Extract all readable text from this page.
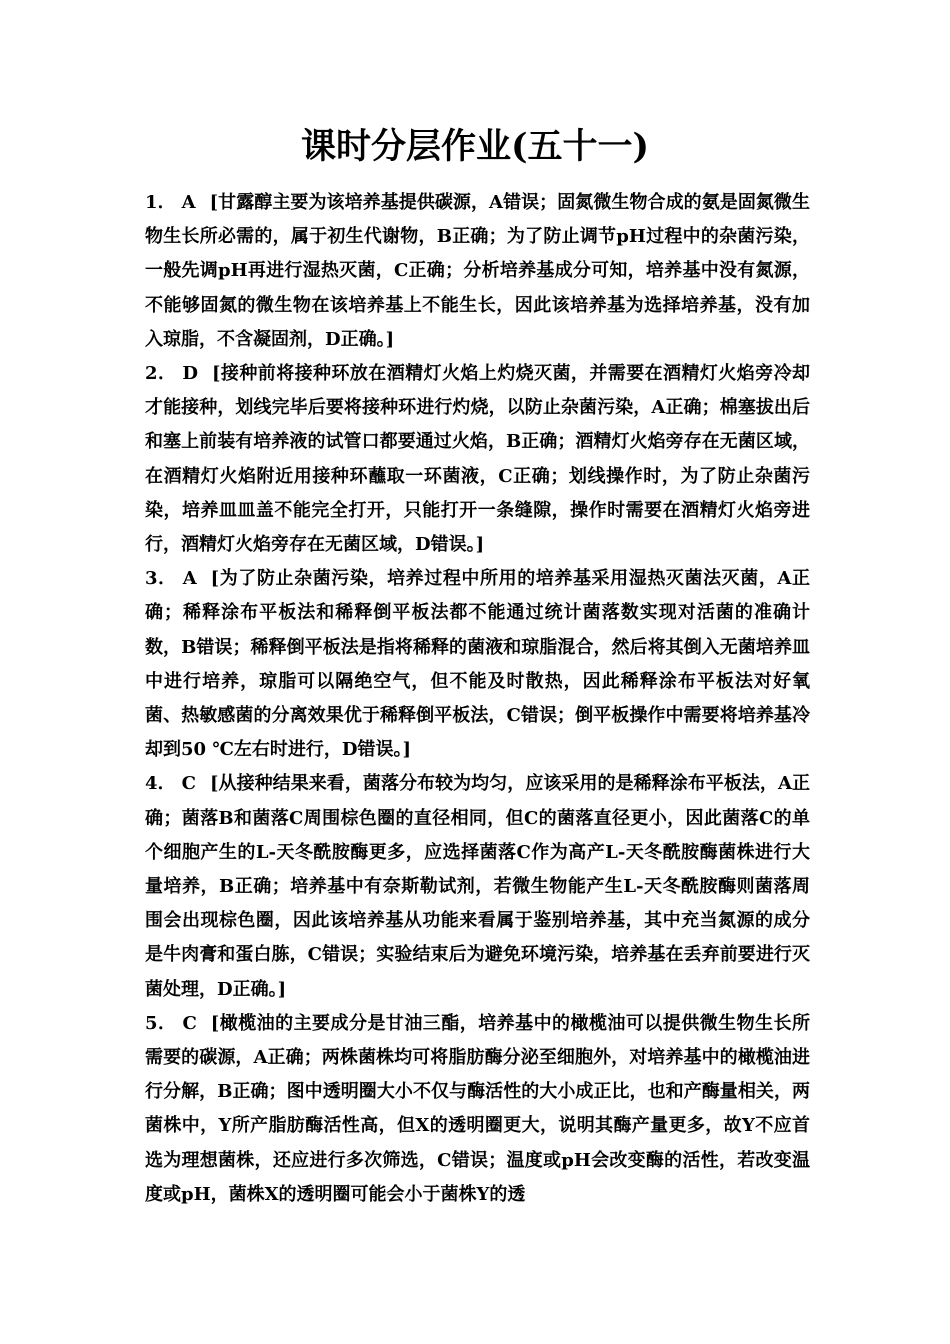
课时分层作业(五十一)

1． A [甘露醇主要为该培养基提供碳源，A错误；固氮微生物合成的氨是固氮微生物生长所必需的，属于初生代谢物，B正确；为了防止调节pH过程中的杂菌污染，一般先调pH再进行湿热灭菌，C正确；分析培养基成分可知，培养基中没有氮源，不能够固氮的微生物在该培养基上不能生长，因此该培养基为选择培养基，没有加入琼脂，不含凝固剂，D正确。]

2． D [接种前将接种环放在酒精灯火焰上灼烧灭菌，并需要在酒精灯火焰旁冷却才能接种，划线完毕后要将接种环进行灼烧，以防止杂菌污染，A正确；棉塞拔出后和塞上前装有培养液的试管口都要通过火焰，B正确；酒精灯火焰旁存在无菌区域，在酒精灯火焰附近用接种环蘸取一环菌液，C正确；划线操作时，为了防止杂菌污染，培养皿皿盖不能完全打开，只能打开一条缝隙，操作时需要在酒精灯火焰旁进行，酒精灯火焰旁存在无菌区域，D错误。]

3． A [为了防止杂菌污染，培养过程中所用的培养基采用湿热灭菌法灭菌，A正确；稀释涂布平板法和稀释倒平板法都不能通过统计菌落数实现对活菌的准确计数，B错误；稀释倒平板法是指将稀释的菌液和琼脂混合，然后将其倒入无菌培养皿中进行培养，琼脂可以隔绝空气，但不能及时散热，因此稀释涂布平板法对好氧菌、热敏感菌的分离效果优于稀释倒平板法，C错误；倒平板操作中需要将培养基冷却到50 ℃左右时进行，D错误。]

4． C [从接种结果来看，菌落分布较为均匀，应该采用的是稀释涂布平板法，A正确；菌落B和菌落C周围棕色圈的直径相同，但C的菌落直径更小，因此菌落C的单个细胞产生的L-天冬酰胺酶更多，应选择菌落C作为高产L-天冬酰胺酶菌株进行大量培养，B正确；培养基中有奈斯勒试剂，若微生物能产生L-天冬酰胺酶则菌落周围会出现棕色圈，因此该培养基从功能来看属于鉴别培养基，其中充当氮源的成分是牛肉膏和蛋白胨，C错误；实验结束后为避免环境污染，培养基在丢弃前要进行灭菌处理，D正确。]

5． C [橄榄油的主要成分是甘油三酯，培养基中的橄榄油可以提供微生物生长所需要的碳源，A正确；两株菌株均可将脂肪酶分泌至细胞外，对培养基中的橄榄油进行分解，B正确；图中透明圈大小不仅与酶活性的大小成正比，也和产酶量相关，两菌株中，Y所产脂肪酶活性高，但X的透明圈更大，说明其酶产量更多，故Y不应首选为理想菌株，还应进行多次筛选，C错误；温度或pH会改变酶的活性，若改变温度或pH，菌株X的透明圈可能会小于菌株Y的透
